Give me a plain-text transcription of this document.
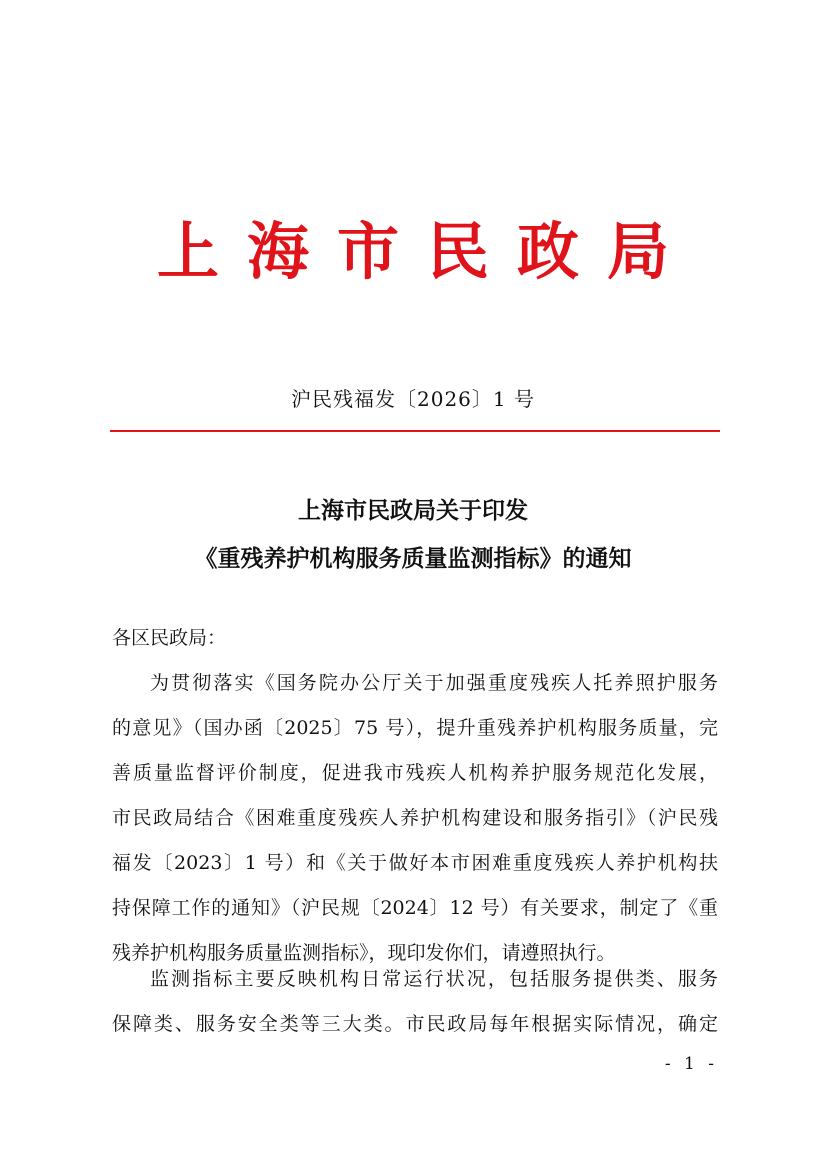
上海市民政局
沪民残福发〔2026〕1 号
上海市民政局关于印发
《重残养护机构服务质量监测指标》的通知
各区民政局：
为贯彻落实《国务院办公厅关于加强重度残疾人托养照护服务
的意见》（国办函〔2025〕75 号），提升重残养护机构服务质量，完
善质量监督评价制度，促进我市残疾人机构养护服务规范化发展，
市民政局结合《困难重度残疾人养护机构建设和服务指引》（沪民残
福发〔2023〕1 号）和《关于做好本市困难重度残疾人养护机构扶
持保障工作的通知》（沪民规〔2024〕12 号）有关要求，制定了《重
残养护机构服务质量监测指标》，现印发你们，请遵照执行。
监测指标主要反映机构日常运行状况，包括服务提供类、服务
保障类、服务安全类等三大类。市民政局每年根据实际情况，确定
- 1 -
